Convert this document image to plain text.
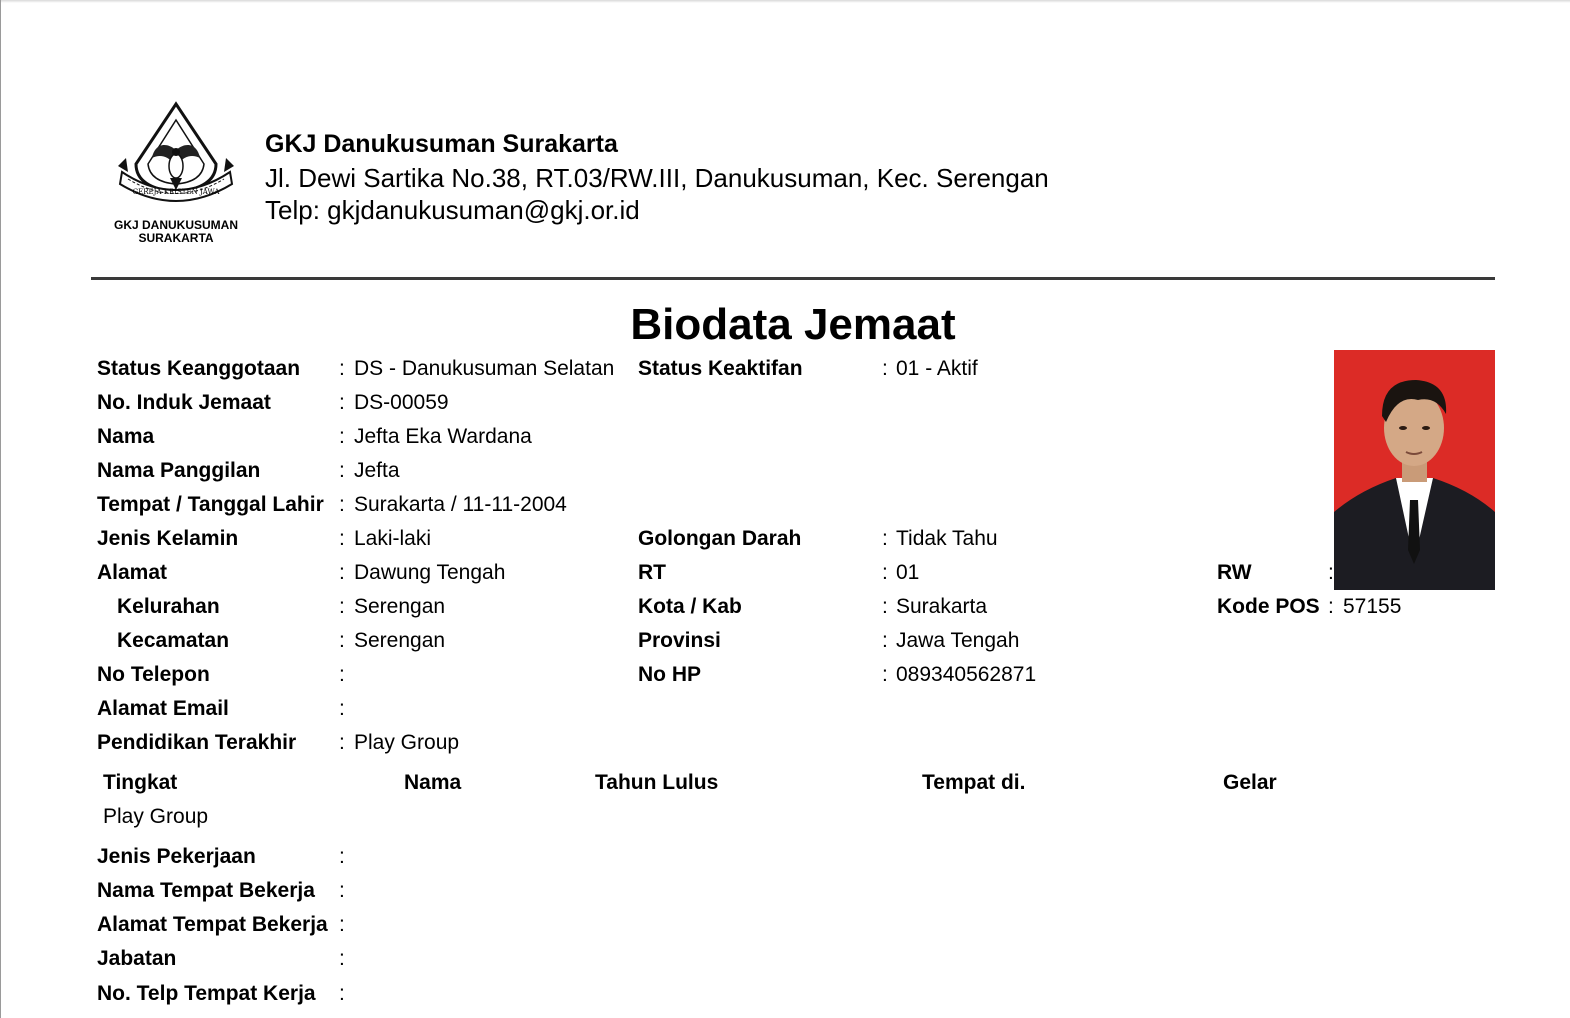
GEREJA KRISTEN JAWA
GKJ DANUKUSUMAN
SURAKARTA
GKJ Danukusuman Surakarta
Jl. Dewi Sartika No.38, RT.03/RW.III, Danukusuman, Kec. Serengan
Telp: gkjdanukusuman@gkj.or.id
Biodata Jemaat
Status Keanggotaan : DS - Danukusuman Selatan Status Keaktifan	: 01 - Aktif
No. Induk Jemaat	: DS-00059
Nama	: Jefta Eka Wardana
Nama Panggilan	: Jefta
Tempat / Tanggal Lahir : Surakarta / 11-11-2004
Jenis Kelamin	: Laki-laki	Golongan Darah	: Tidak Tahu
Alamat	: Dawung Tengah	RT	: 01	RW	:
Kelurahan	: Serengan	Kota / Kab	: Surakarta	Kode POS : 57155
Kecamatan	: Serengan	Provinsi	: Jawa Tengah
No Telepon	:	No HP	: 089340562871
Alamat Email	:
Pendidikan Terakhir : Play Group
Tingkat	Nama	Tahun Lulus	Tempat di.	Gelar
Play Group
Jenis Pekerjaan	:
Nama Tempat Bekerja :
Alamat Tempat Bekerja :
Jabatan	:
No. Telp Tempat Kerja :
